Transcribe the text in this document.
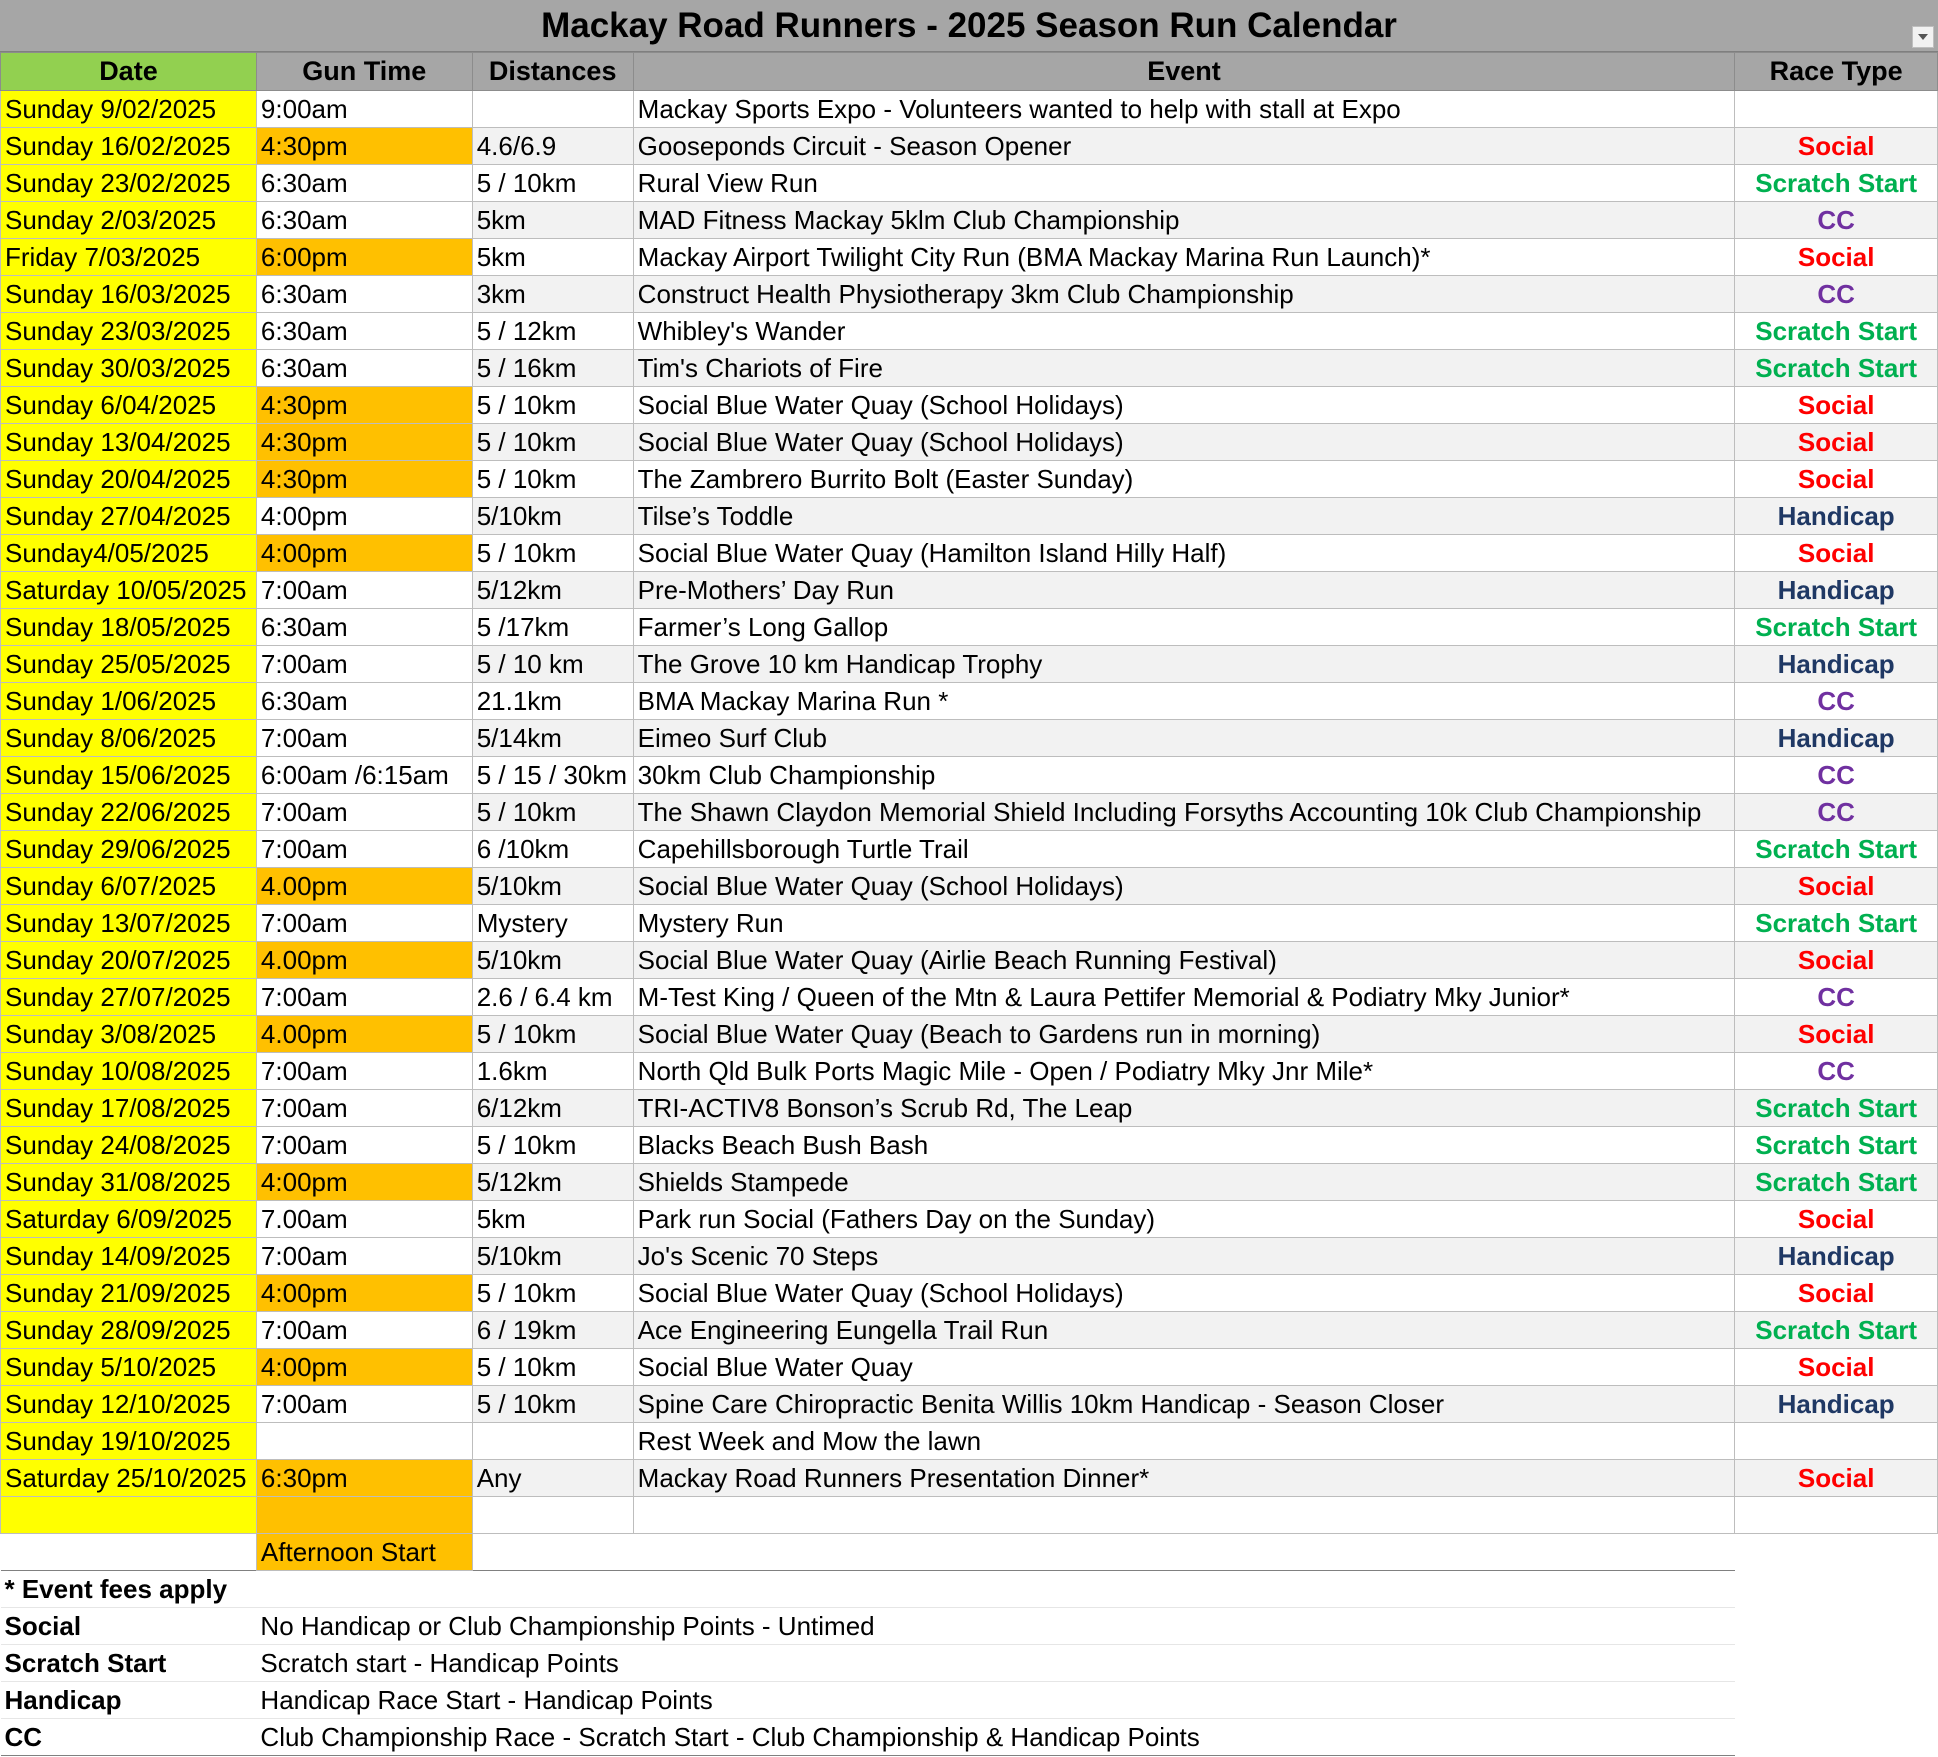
Mackay Road Runners - 2025 Season Run Calendar
Date	Gun Time	Distances	Event	Race Type
Sunday 9/02/2025	9:00am		Mackay Sports Expo - Volunteers wanted to help with stall at Expo	
Sunday 16/02/2025	4:30pm	4.6/6.9	Gooseponds Circuit - Season Opener	Social
Sunday 23/02/2025	6:30am	5 / 10km	Rural View Run	Scratch Start
Sunday 2/03/2025	6:30am	5km	MAD Fitness Mackay 5klm Club Championship	CC
Friday 7/03/2025	6:00pm	5km	Mackay Airport Twilight City Run (BMA Mackay Marina Run Launch)*	Social
Sunday 16/03/2025	6:30am	3km	Construct Health Physiotherapy 3km Club Championship	CC
Sunday 23/03/2025	6:30am	5 / 12km	Whibley's Wander	Scratch Start
Sunday 30/03/2025	6:30am	5 / 16km	Tim's Chariots of Fire	Scratch Start
Sunday 6/04/2025	4:30pm	5 / 10km	Social Blue Water Quay (School Holidays)	Social
Sunday 13/04/2025	4:30pm	5 / 10km	Social Blue Water Quay (School Holidays)	Social
Sunday 20/04/2025	4:30pm	5 / 10km	The Zambrero Burrito Bolt (Easter Sunday)	Social
Sunday 27/04/2025	4:00pm	5/10km	Tilse’s Toddle	Handicap
Sunday4/05/2025	4:00pm	5 / 10km	Social Blue Water Quay (Hamilton Island Hilly Half)	Social
Saturday 10/05/2025	7:00am	5/12km	Pre-Mothers’ Day Run	Handicap
Sunday 18/05/2025	6:30am	5 /17km	Farmer’s Long Gallop	Scratch Start
Sunday 25/05/2025	7:00am	5 / 10 km	The Grove 10 km Handicap Trophy	Handicap
Sunday 1/06/2025	6:30am	21.1km	BMA Mackay Marina Run *	CC
Sunday 8/06/2025	7:00am	5/14km	Eimeo Surf Club	Handicap
Sunday 15/06/2025	6:00am /6:15am	5 / 15 / 30km	30km Club Championship	CC
Sunday 22/06/2025	7:00am	5 / 10km	The Shawn Claydon Memorial Shield Including Forsyths Accounting 10k Club Championship	CC
Sunday 29/06/2025	7:00am	6 /10km	Capehillsborough Turtle Trail	Scratch Start
Sunday 6/07/2025	4.00pm	5/10km	Social Blue Water Quay (School Holidays)	Social
Sunday 13/07/2025	7:00am	Mystery	Mystery Run	Scratch Start
Sunday 20/07/2025	4.00pm	5/10km	Social Blue Water Quay (Airlie Beach Running Festival)	Social
Sunday 27/07/2025	7:00am	2.6 / 6.4 km	M-Test King / Queen of the Mtn & Laura Pettifer Memorial & Podiatry Mky Junior*	CC
Sunday 3/08/2025	4.00pm	5 / 10km	Social Blue Water Quay (Beach to Gardens run in morning)	Social
Sunday 10/08/2025	7:00am	1.6km	North Qld Bulk Ports Magic Mile - Open / Podiatry Mky Jnr Mile*	CC
Sunday 17/08/2025	7:00am	6/12km	TRI-ACTIV8 Bonson’s Scrub Rd, The Leap	Scratch Start
Sunday 24/08/2025	7:00am	5 / 10km	Blacks Beach Bush Bash	Scratch Start
Sunday 31/08/2025	4:00pm	5/12km	Shields Stampede	Scratch Start
Saturday 6/09/2025	7.00am	5km	Park run Social (Fathers Day on the Sunday)	Social
Sunday 14/09/2025	7:00am	5/10km	Jo's Scenic 70 Steps	Handicap
Sunday 21/09/2025	4:00pm	5 / 10km	Social Blue Water Quay (School Holidays)	Social
Sunday 28/09/2025	7:00am	6 / 19km	Ace Engineering Eungella Trail Run	Scratch Start
Sunday 5/10/2025	4:00pm	5 / 10km	Social Blue Water Quay	Social
Sunday 12/10/2025	7:00am	5 / 10km	Spine Care Chiropractic Benita Willis 10km Handicap - Season Closer	Handicap
Sunday 19/10/2025			Rest Week and Mow the lawn	
Saturday 25/10/2025	6:30pm	Any	Mackay Road Runners Presentation Dinner*	Social

	Afternoon Start			
* Event fees apply				
Social	No Handicap or Club Championship Points - Untimed			
Scratch Start	Scratch start - Handicap Points			
Handicap	Handicap Race Start - Handicap Points			
CC	Club Championship Race - Scratch Start - Club Championship & Handicap Points			
